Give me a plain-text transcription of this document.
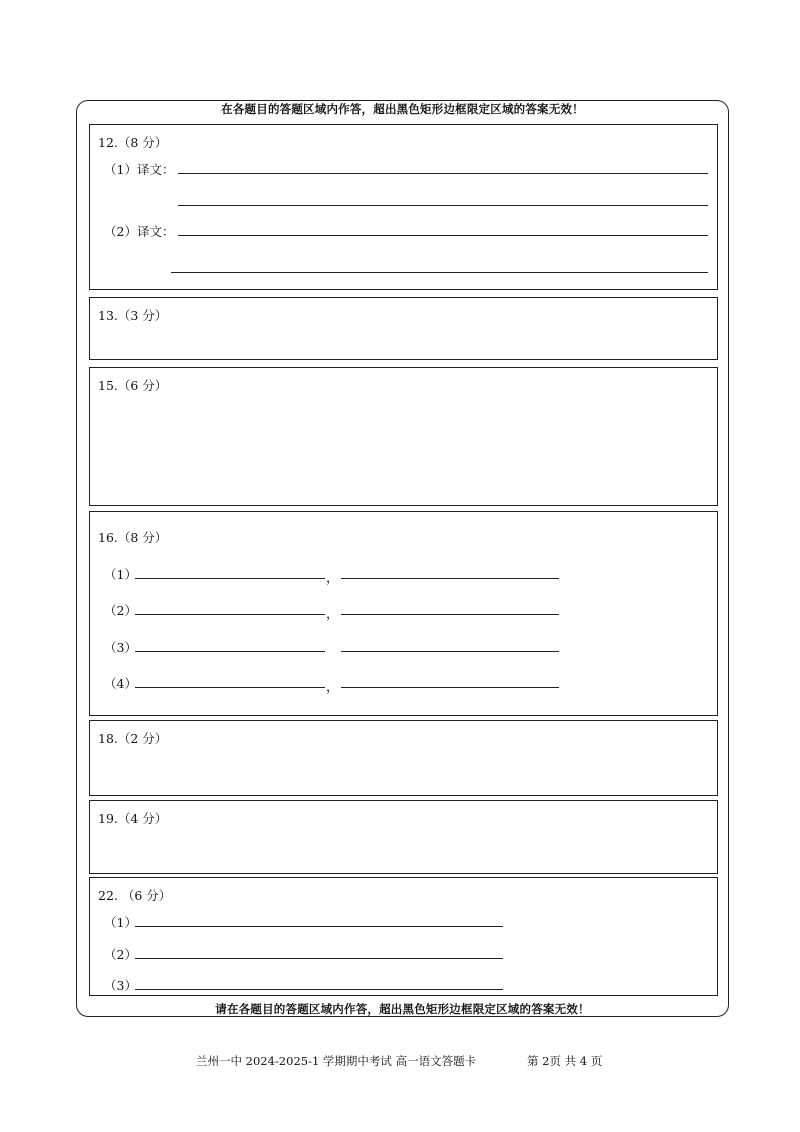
在各题目的答题区域内作答，超出黑色矩形边框限定区域的答案无效！
请在各题目的答题区域内作答，超出黑色矩形边框限定区域的答案无效！
12.（8 分）
（1）译文：
（2）译文：
13.（3 分）
15.（6 分）
16.（8 分）
（1）	，
（2）	，
（3）
（4）	，
18.（2 分）
19.（4 分）
22. （6 分）
（1）
（2）
（3）
兰州一中 2024-2025-1 学期期中考试 高一语文答题卡	第 2页 共 4 页
